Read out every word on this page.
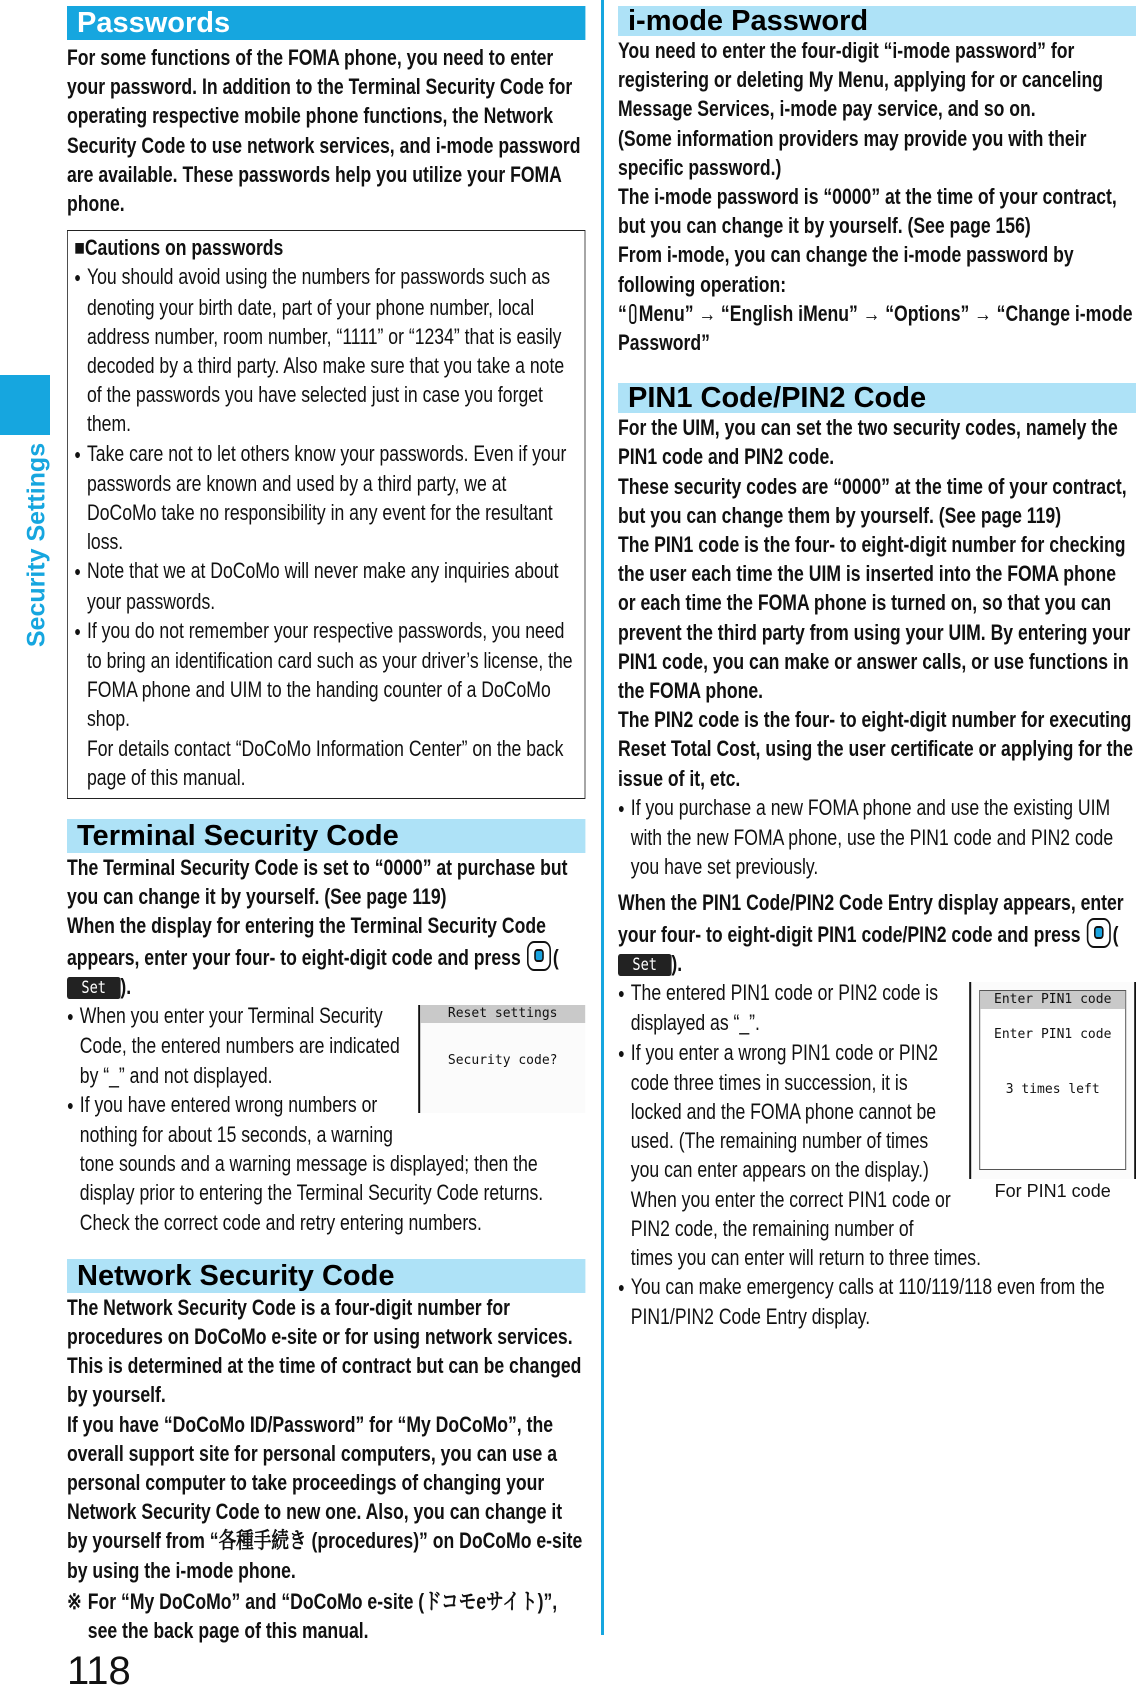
Security Settings
Passwords

For some functions of the FOMA phone, you need to enter your password. In addition to the Terminal Security Code for operating respective mobile phone functions, the Network Security Code to use network services, and i-mode password are available. These passwords help you utilize your FOMA phone.

■Cautions on passwords

● You should avoid using the numbers for passwords such as denoting your birth date, part of your phone number, local address number, room number, “1111” or “1234” that is easily decoded by a third party. Also make sure that you take a note of the passwords you have selected just in case you forget them.

● Take care not to let others know your passwords. Even if your passwords are known and used by a third party, we at DoCoMo take no responsibility in any event for the resultant loss.

● Note that we at DoCoMo will never make any inquiries about your passwords.

● If you do not remember your respective passwords, you need to bring an identification card such as your driver’s license, the FOMA phone and UIM to the handing counter of a DoCoMo shop.

For details contact “DoCoMo Information Center” on the back page of this manual.

Terminal Security Code

The Terminal Security Code is set to “0000” at purchase but you can change it by yourself. (See page 119)

When the display for entering the Terminal Security Code appears, enter your four- to eight-digit code and press (Set ).

Reset settings
Security code?

● When you enter your Terminal Security Code, the entered numbers are indicated by “_” and not displayed.

● If you have entered wrong numbers or nothing for about 15 seconds, a warning tone sounds and a warning message is displayed; then the display prior to entering the Terminal Security Code returns. Check the correct code and retry entering numbers.

Network Security Code

The Network Security Code is a four-digit number for procedures on DoCoMo e-site or for using network services. This is determined at the time of contract but can be changed by yourself.

If you have “DoCoMo ID/Password” for “My DoCoMo”, the overall support site for personal computers, you can use a personal computer to take proceedings of changing your Network Security Code to new one. Also, you can change it by yourself from “各種手続き (procedures)” on DoCoMo e-site by using the i-mode phone.

※ For “My DoCoMo” and “DoCoMo e-site (ドコモeサイト)”, see the back page of this manual.

118
i-mode Password

You need to enter the four-digit “i-mode password” for registering or deleting My Menu, applying for or canceling Message Services, i-mode pay service, and so on.

(Some information providers may provide you with their specific password.)

The i-mode password is “0000” at the time of your contract, but you can change it by yourself. (See page 156)

From i-mode, you can change the i-mode password by following operation:

“ Menu” → “English iMenu” → “Options” → “Change i-mode Password”

PIN1 Code/PIN2 Code

For the UIM, you can set the two security codes, namely the PIN1 code and PIN2 code.

These security codes are “0000” at the time of your contract, but you can change them by yourself. (See page 119)

The PIN1 code is the four- to eight-digit number for checking the user each time the UIM is inserted into the FOMA phone or each time the FOMA phone is turned on, so that you can prevent the third party from using your UIM. By entering your PIN1 code, you can make or answer calls, or use functions in the FOMA phone.

The PIN2 code is the four- to eight-digit number for executing Reset Total Cost, using the user certificate or applying for the issue of it, etc.

● If you purchase a new FOMA phone and use the existing UIM with the new FOMA phone, use the PIN1 code and PIN2 code you have set previously.

When the PIN1 Code/PIN2 Code Entry display appears, enter your four- to eight-digit PIN1 code/PIN2 code and press (Set ).

Enter PIN1 code
Enter PIN1 code
3 times left
For PIN1 code

● The entered PIN1 code or PIN2 code is displayed as “_”.

● If you enter a wrong PIN1 code or PIN2 code three times in succession, it is locked and the FOMA phone cannot be used. (The remaining number of times you can enter appears on the display.)

When you enter the correct PIN1 code or PIN2 code, the remaining number of times you can enter will return to three times.

● You can make emergency calls at 110/119/118 even from the PIN1/PIN2 Code Entry display.
